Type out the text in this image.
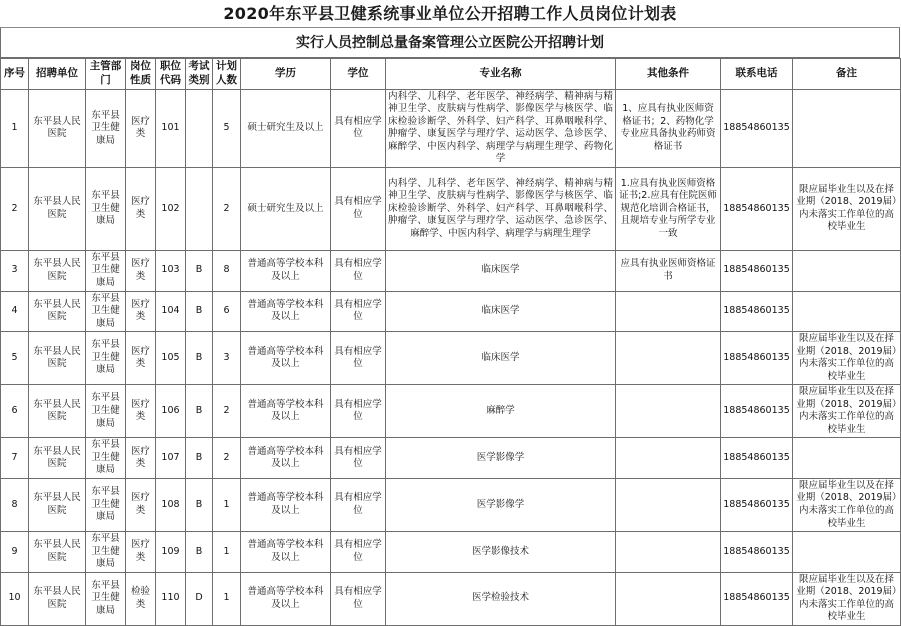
2020年东平县卫健系统事业单位公开招聘工作人员岗位计划表
实行人员控制总量备案管理公立医院公开招聘计划
序号	招聘单位	主管部门	岗位性质	职位代码	考试类别	计划人数	学历	学位	专业名称	其他条件	联系电话	备注
1	东平县人民医院	东平县卫生健康局	医疗类	101		5	硕士研究生及以上	具有相应学位	内科学、儿科学、老年医学、神经病学、精神病与精神卫生学、皮肤病与性病学、影像医学与核医学、临床检验诊断学、外科学、妇产科学、耳鼻咽喉科学、 肿瘤学、康复医学与理疗学、运动医学、急诊医学、麻醉学、中医内科学、病理学与病理生理学、药物化学	1、应具有执业医师资格证书；2、药物化学专业应具备执业药师资格证书	18854860135	
2	东平县人民医院	东平县卫生健康局	医疗类	102		2	硕士研究生及以上	具有相应学位	内科学、儿科学、老年医学、神经病学、精神病与精神卫生学、皮肤病与性病学、影像医学与核医学、临床检验诊断学、外科学、妇产科学、耳鼻咽喉科学、 肿瘤学、康复医学与理疗学、运动医学、急诊医学、麻醉学、中医内科学、病理学与病理生理学	1.应具有执业医师资格证书;2.应具有住院医师规范化培训合格证书，且规培专业与所学专业一致	18854860135	限应届毕业生以及在择业期（2018、2019届）内未落实工作单位的高校毕业生
3	东平县人民医院	东平县卫生健康局	医疗类	103	B	8	普通高等学校本科及以上	具有相应学位	临床医学	应具有执业医师资格证书	18854860135	
4	东平县人民医院	东平县卫生健康局	医疗类	104	B	6	普通高等学校本科及以上	具有相应学位	临床医学		18854860135	
5	东平县人民医院	东平县卫生健康局	医疗类	105	B	3	普通高等学校本科及以上	具有相应学位	临床医学		18854860135	限应届毕业生以及在择业期（2018、2019届）内未落实工作单位的高校毕业生
6	东平县人民医院	东平县卫生健康局	医疗类	106	B	2	普通高等学校本科及以上	具有相应学位	麻醉学		18854860135	限应届毕业生以及在择业期（2018、2019届）内未落实工作单位的高校毕业生
7	东平县人民医院	东平县卫生健康局	医疗类	107	B	2	普通高等学校本科及以上	具有相应学位	医学影像学		18854860135	
8	东平县人民医院	东平县卫生健康局	医疗类	108	B	1	普通高等学校本科及以上	具有相应学位	医学影像学		18854860135	限应届毕业生以及在择业期（2018、2019届）内未落实工作单位的高校毕业生
9	东平县人民医院	东平县卫生健康局	医疗类	109	B	1	普通高等学校本科及以上	具有相应学位	医学影像技术		18854860135	
10	东平县人民医院	东平县卫生健康局	检验类	110	D	1	普通高等学校本科及以上	具有相应学位	医学检验技术		18854860135	限应届毕业生以及在择业期（2018、2019届）内未落实工作单位的高校毕业生
